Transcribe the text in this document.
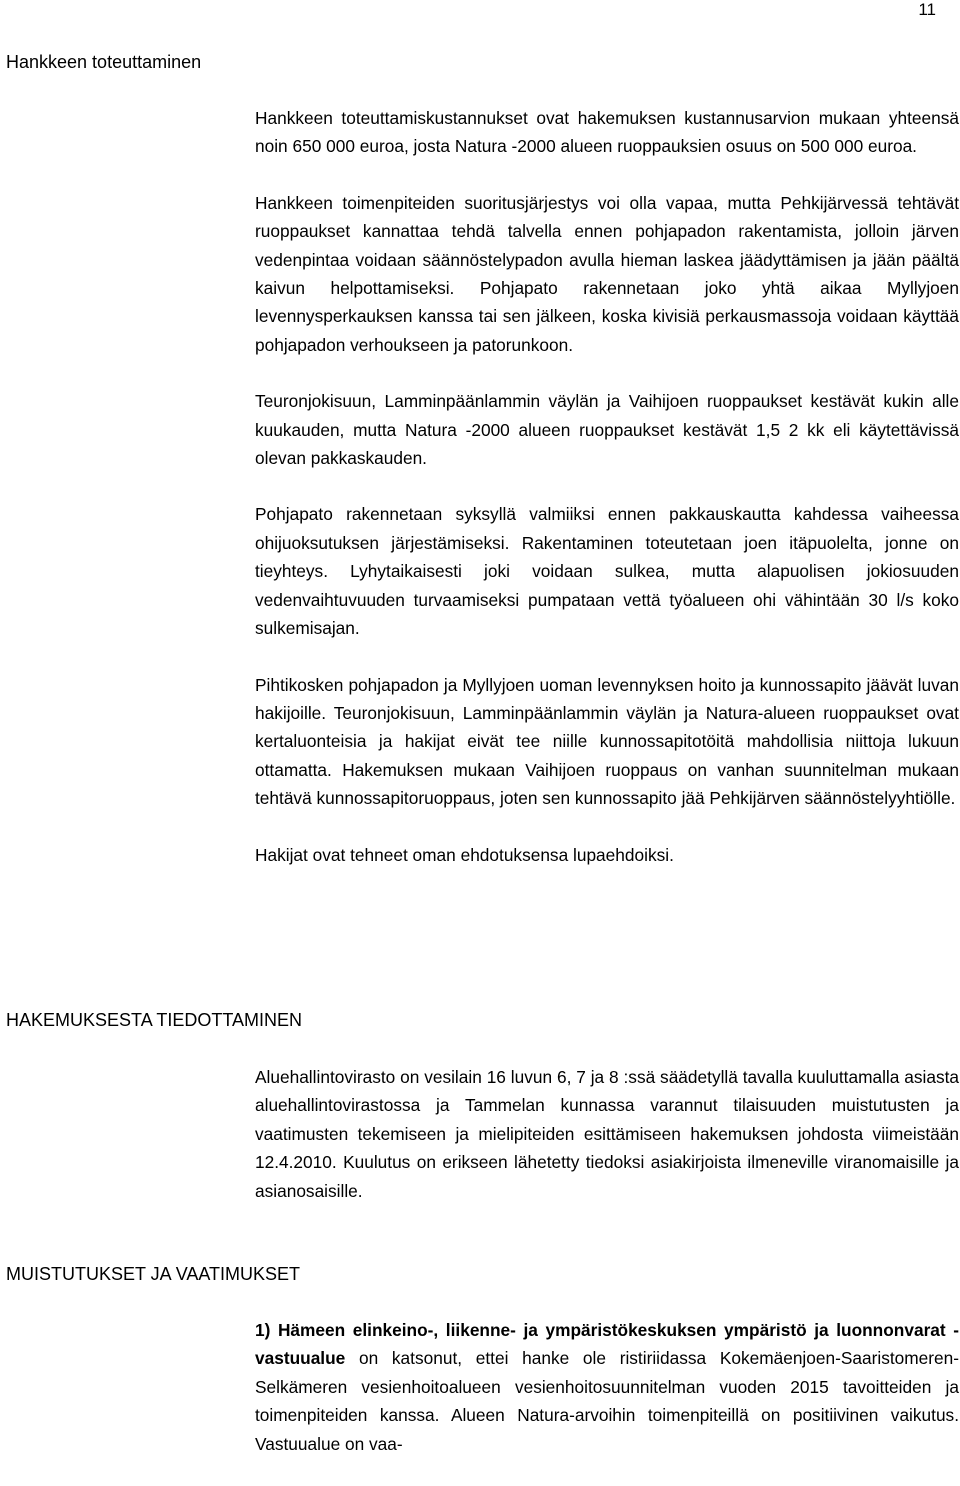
11
Hankkeen toteuttaminen

Hankkeen toteuttamiskustannukset ovat hakemuksen kustannusarvion mukaan yhteensä noin 650 000 euroa, josta Natura -2000 alueen ruoppauksien osuus on 500 000 euroa.

Hankkeen toimenpiteiden suoritusjärjestys voi olla vapaa, mutta Pehkijärvessä tehtävät ruoppaukset kannattaa tehdä talvella ennen pohjapadon rakentamista, jolloin järven vedenpintaa voidaan säännöstelypadon avulla hieman laskea jäädyttämisen ja jään päältä kaivun helpottamiseksi. Pohjapato rakennetaan joko yhtä aikaa Myllyjoen levennysperkauksen kanssa tai sen jälkeen, koska kivisiä perkausmassoja voidaan käyttää pohjapadon verhoukseen ja patorunkoon.

Teuronjokisuun, Lamminpäänlammin väylän ja Vaihijoen ruoppaukset kestävät kukin alle kuukauden, mutta Natura -2000 alueen ruoppaukset kestävät 1,5 2 kk eli käytettävissä olevan pakkaskauden.

Pohjapato rakennetaan syksyllä valmiiksi ennen pakkauskautta kahdessa vaiheessa ohijuoksutuksen järjestämiseksi. Rakentaminen toteutetaan joen itäpuolelta, jonne on tieyhteys. Lyhytaikaisesti joki voidaan sulkea, mutta alapuolisen jokiosuuden vedenvaihtuvuuden turvaamiseksi pumpataan vettä työalueen ohi vähintään 30 l/s koko sulkemisajan.

Pihtikosken pohjapadon ja Myllyjoen uoman levennyksen hoito ja kunnossapito jäävät luvan hakijoille. Teuronjokisuun, Lamminpäänlammin väylän ja Natura-alueen ruoppaukset ovat kertaluonteisia ja hakijat eivät tee niille kunnossapitotöitä mahdollisia niittoja lukuun ottamatta. Hakemuksen mukaan Vaihijoen ruoppaus on vanhan suunnitelman mukaan tehtävä kunnossapitoruoppaus, joten sen kunnossapito jää Pehkijärven säännöstelyyhtiölle.

Hakijat ovat tehneet oman ehdotuksensa lupaehdoiksi.

HAKEMUKSESTA TIEDOTTAMINEN

Aluehallintovirasto on vesilain 16 luvun 6, 7 ja 8 :ssä säädetyllä tavalla kuuluttamalla asiasta aluehallintovirastossa ja Tammelan kunnassa varannut tilaisuuden muistutusten ja vaatimusten tekemiseen ja mielipiteiden esittämiseen hakemuksen johdosta viimeistään 12.4.2010. Kuulutus on erikseen lähetetty tiedoksi asiakirjoista ilmeneville viranomaisille ja asianosaisille.

MUISTUTUKSET JA VAATIMUKSET

1) Hämeen elinkeino-, liikenne- ja ympäristökeskuksen ympäristö ja luonnonvarat -vastuualue on katsonut, ettei hanke ole ristiriidassa Kokemäenjoen-Saaristomeren-Selkämeren vesienhoitoalueen vesienhoitosuunnitelman vuoden 2015 tavoitteiden ja toimenpiteiden kanssa. Alueen Natura-arvoihin toimenpiteillä on positiivinen vaikutus. Vastuualue on vaa-
